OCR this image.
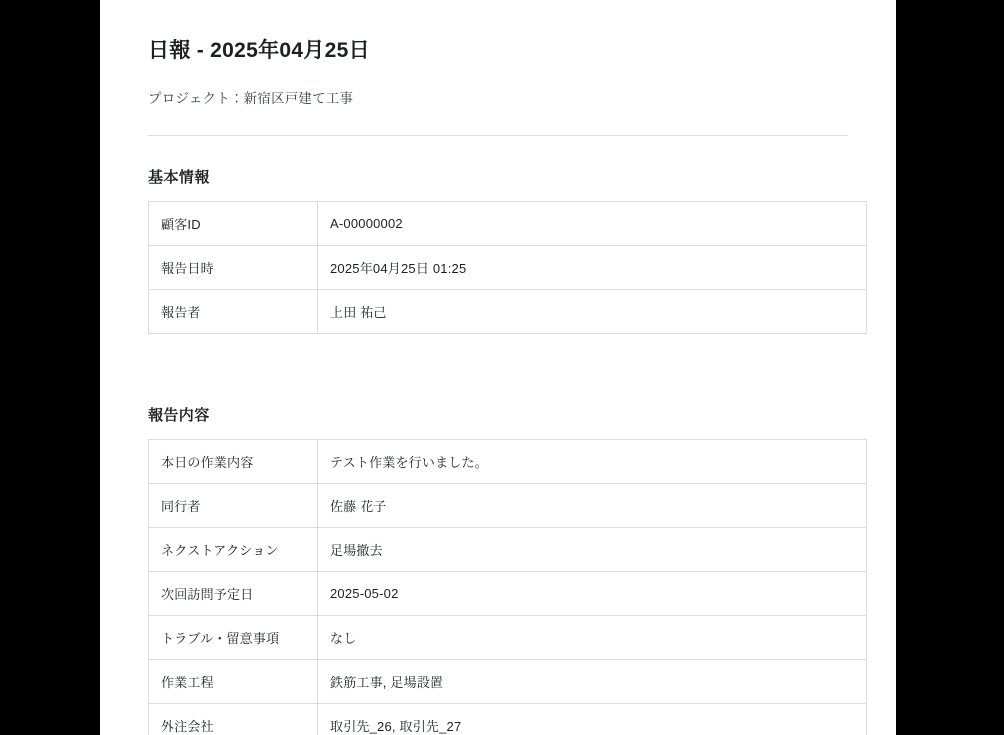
日報 - 2025年04月25日
プロジェクト：新宿区戸建て工事
基本情報
顧客ID	A-00000002
報告日時	2025年04月25日 01:25
報告者	上田 祐己
報告内容
本日の作業内容	テスト作業を行いました。
同行者	佐藤 花子
ネクストアクション	足場撤去
次回訪問予定日	2025-05-02
トラブル・留意事項	なし
作業工程	鉄筋工事, 足場設置
外注会社	取引先_26, 取引先_27
